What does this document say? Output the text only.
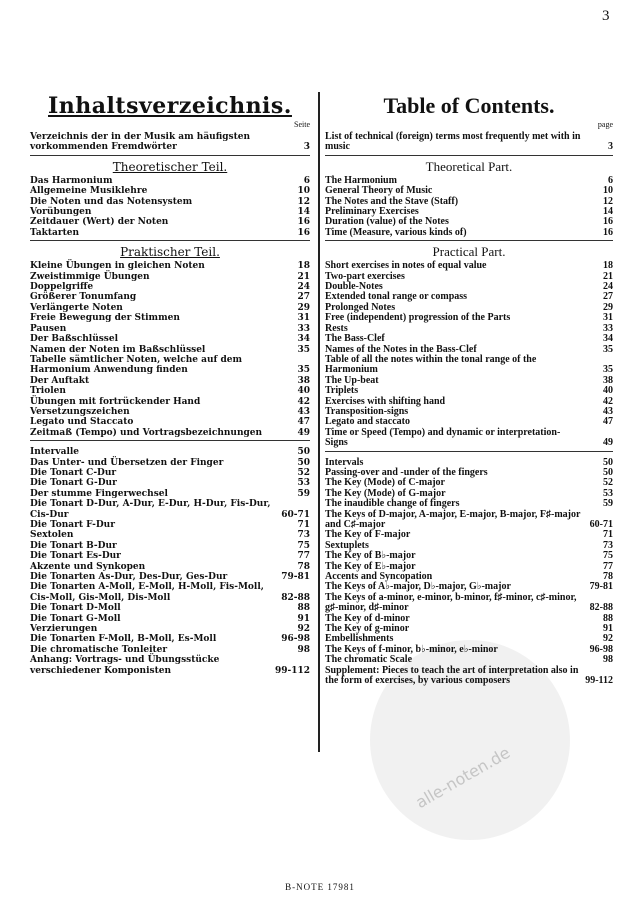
alle-noten.de
3
Inhaltsverzeichnis.
Seite
Verzeichnis der in der Musik am häufigsten vorkommenden Fremdwörter	3
Theoretischer Teil.
Das Harmonium	6
Allgemeine Musiklehre	10
Die Noten und das Notensystem	12
Vorübungen	14
Zeitdauer (Wert) der Noten	16
Taktarten	16
Praktischer Teil.
Kleine Übungen in gleichen Noten	18
Zweistimmige Übungen	21
Doppelgriffe	24
Größerer Tonumfang	27
Verlängerte Noten	29
Freie Bewegung der Stimmen	31
Pausen	33
Der Baßschlüssel	34
Namen der Noten im Baßschlüssel	35
Tabelle sämtlicher Noten, welche auf dem Harmonium Anwendung finden	35
Der Auftakt	38
Triolen	40
Übungen mit fortrückender Hand	42
Versetzungszeichen	43
Legato und Staccato	47
Zeitmaß (Tempo) und Vortragsbezeichnungen	49
Intervalle	50
Das Unter- und Übersetzen der Finger	50
Die Tonart C-Dur	52
Die Tonart G-Dur	53
Der stumme Fingerwechsel	59
Die Tonart D-Dur, A-Dur, E-Dur, H-Dur, Fis-Dur, Cis-Dur	60-71
Die Tonart F-Dur	71
Sextolen	73
Die Tonart B-Dur	75
Die Tonart Es-Dur	77
Akzente und Synkopen	78
Die Tonarten As-Dur, Des-Dur, Ges-Dur	79-81
Die Tonarten A-Moll, E-Moll, H-Moll, Fis-Moll, Cis-Moll, Gis-Moll, Dis-Moll	82-88
Die Tonart D-Moll	88
Die Tonart G-Moll	91
Verzierungen	92
Die Tonarten F-Moll, B-Moll, Es-Moll	96-98
Die chromatische Tonleiter	98
Anhang: Vortrags- und Übungsstücke verschiedener Komponisten	99-112
Table of Contents.
page
List of technical (foreign) terms most frequently met with in music	3
Theoretical Part.
The Harmonium	6
General Theory of Music	10
The Notes and the Stave (Staff)	12
Preliminary Exercises	14
Duration (value) of the Notes	16
Time (Measure, various kinds of)	16
Practical Part.
Short exercises in notes of equal value	18
Two-part exercises	21
Double-Notes	24
Extended tonal range or compass	27
Prolonged Notes	29
Free (independent) progression of the Parts	31
Rests	33
The Bass-Clef	34
Names of the Notes in the Bass-Clef	35
Table of all the notes within the tonal range of the Harmonium	35
The Up-beat	38
Triplets	40
Exercises with shifting hand	42
Transposition-signs	43
Legato and staccato	47
Time or Speed (Tempo) and dynamic or interpretation-Signs	49
Intervals	50
Passing-over and -under of the fingers	50
The Key (Mode) of C-major	52
The Key (Mode) of G-major	53
The inaudible change of fingers	59
The Keys of D-major, A-major, E-major, B-major, F♯-major and C♯-major	60-71
The Key of F-major	71
Sextuplets	73
The Key of B♭-major	75
The Key of E♭-major	77
Accents and Syncopation	78
The Keys of A♭-major, D♭-major, G♭-major	79-81
The Keys of a-minor, e-minor, b-minor, f♯-minor, c♯-minor, g♯-minor, d♯-minor	82-88
The Key of d-minor	88
The Key of g-minor	91
Embellishments	92
The Keys of f-minor, b♭-minor, e♭-minor	96-98
The chromatic Scale	98
Supplement: Pieces to teach the art of interpretation also in the form of exercises, by various composers	99-112
B-NOTE 17981
